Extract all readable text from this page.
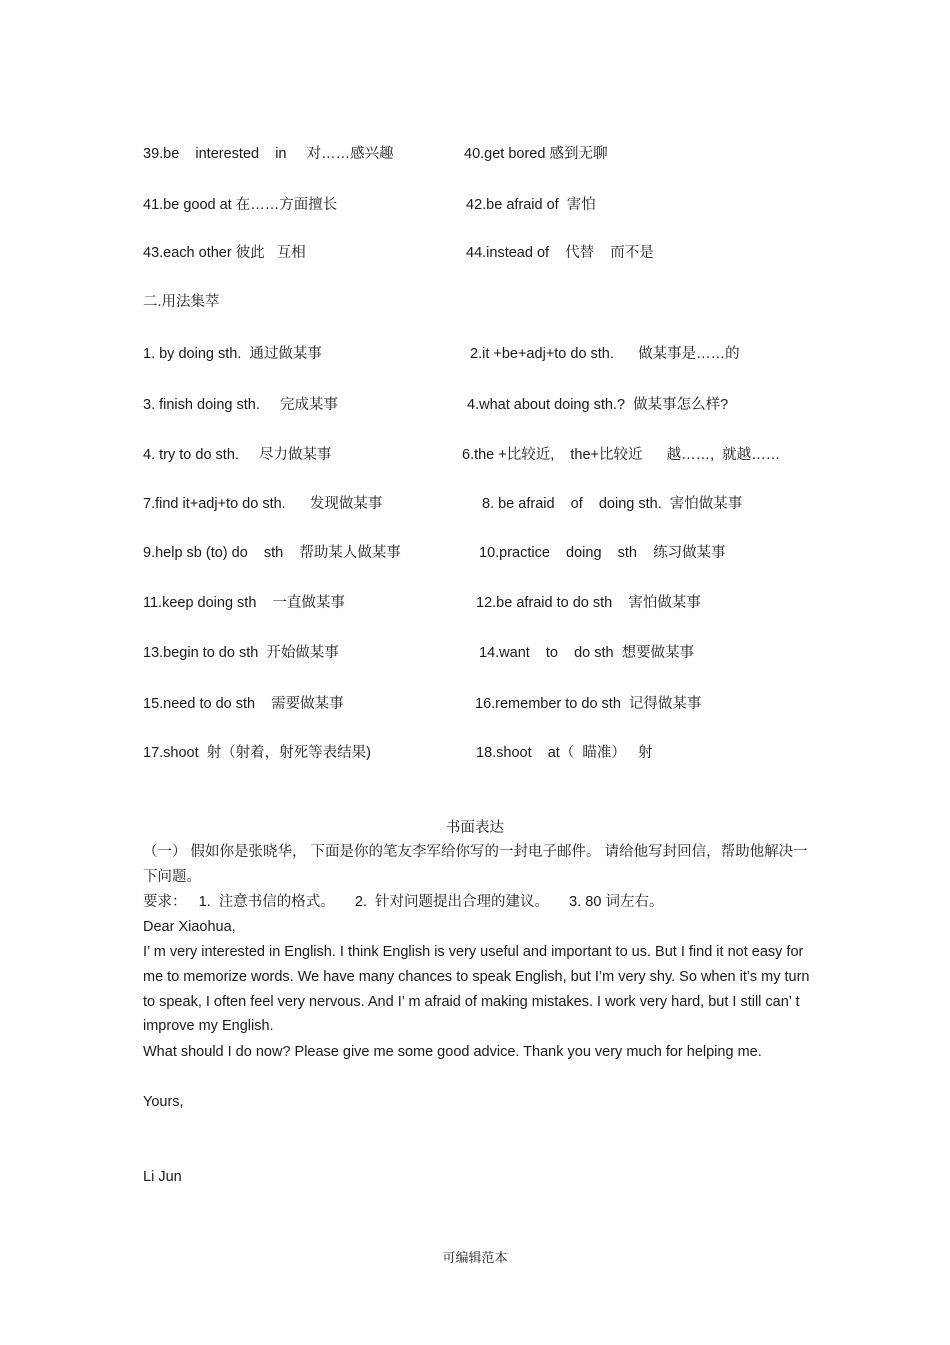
39.be    interested    in     对……感兴趣	40.get bored 感到无聊
41.be good at 在……方面擅长	42.be afraid of  害怕
43.each other 彼此   互相	44.instead of    代替    而不是
二.用法集萃
1. by doing sth.  通过做某事	2.it +be+adj+to do sth.      做某事是……的
3. finish doing sth.     完成某事	4.what about doing sth.?  做某事怎么样?
4. try to do sth.     尽力做某事	6.the +比较近,    the+比较近      越……,  就越……
7.find it+adj+to do sth.      发现做某事	8. be afraid    of    doing sth.  害怕做某事
9.help sb (to) do    sth    帮助某人做某事	10.practice    doing    sth    练习做某事
11.keep doing sth    一直做某事	12.be afraid to do sth    害怕做某事
13.begin to do sth  开始做某事	14.want    to    do sth  想要做某事
15.need to do sth    需要做某事	16.remember to do sth  记得做某事
17.shoot  射（射着，射死等表结果)	18.shoot    at（  瞄准）   射
书面表达
（一） 假如你是张晓华， 下面是你的笔友李军给你写的一封电子邮件。 请给他写封回信，帮助他解决一下问题。
要求：   1.  注意书信的格式。     2.  针对问题提出合理的建议。     3. 80 词左右。
Dear Xiaohua,
I’ m very interested in English. I think English is very useful and important to us. But I find it not easy for me to memorize words. We have many chances to speak English, but I’m very shy. So when it’s my turn to speak, I often feel very nervous. And I’ m afraid of making mistakes. I work very hard, but I still can’ t improve my English.
What should I do now? Please give me some good advice. Thank you very much for helping me.
Yours,
Li Jun
可编辑范本
